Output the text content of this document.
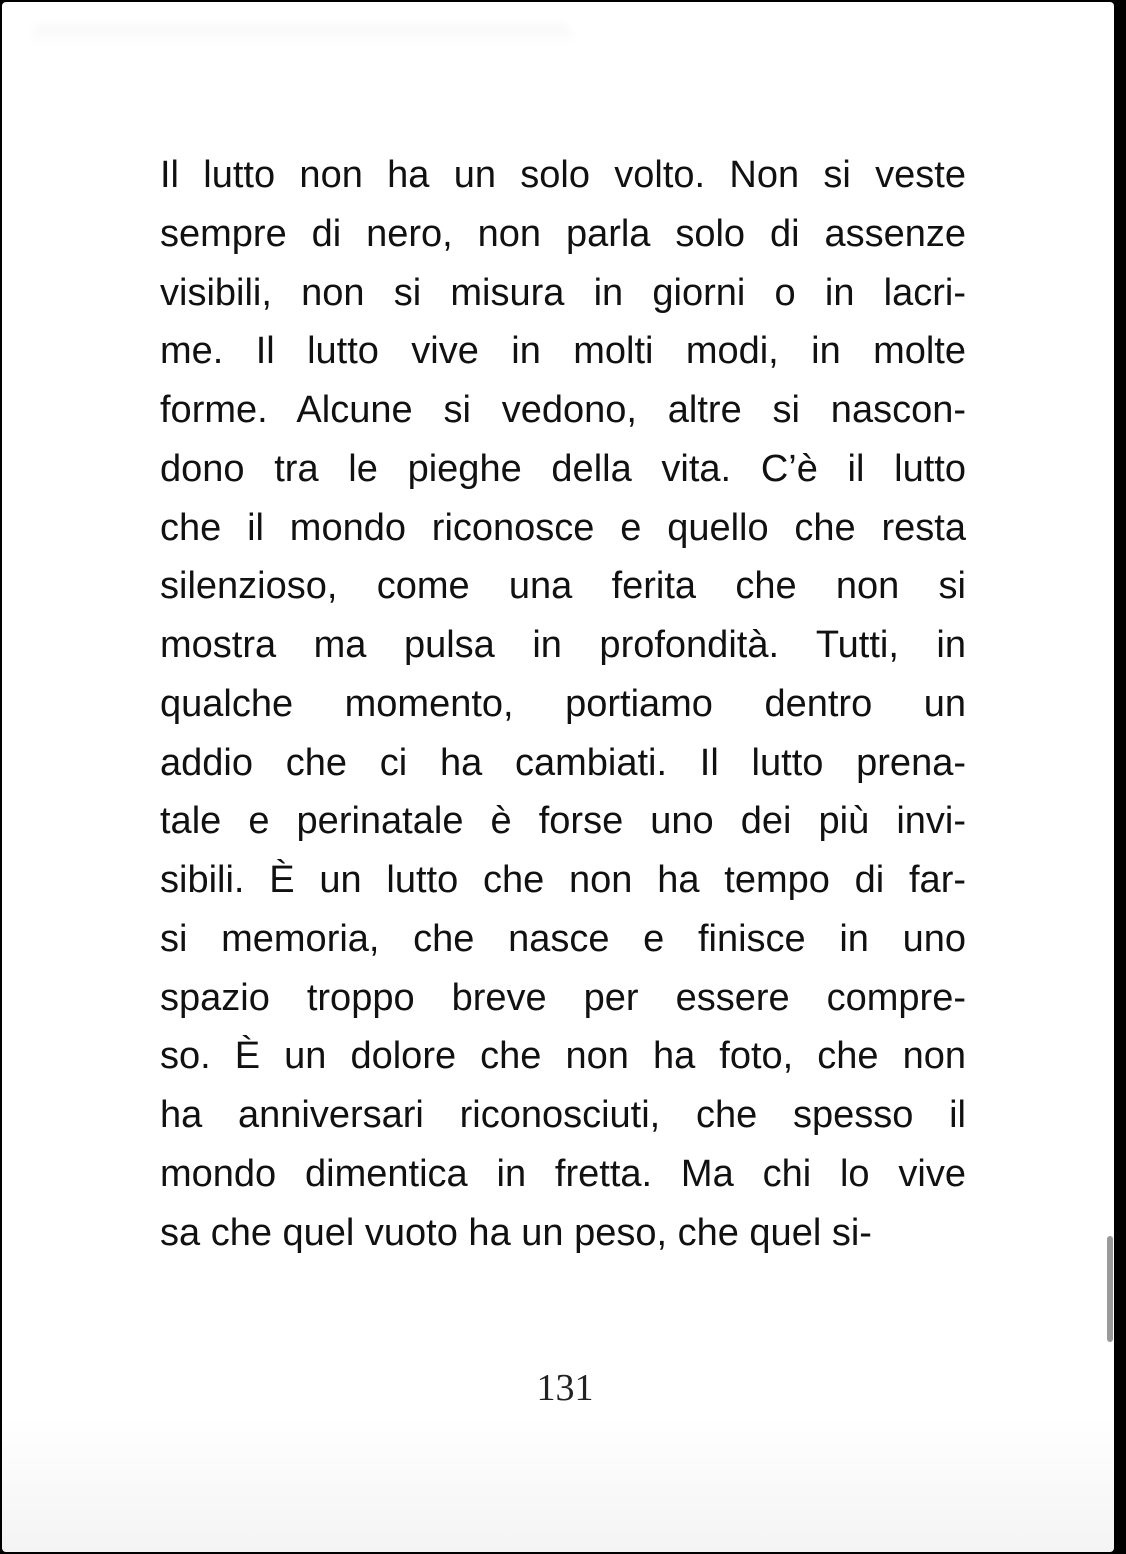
Il lutto non ha un solo volto. Non si veste
sempre di nero, non parla solo di assenze
visibili, non si misura in giorni o in lacri-
me. Il lutto vive in molti modi, in molte
forme. Alcune si vedono, altre si nascon-
dono tra le pieghe della vita. C’è il lutto
che il mondo riconosce e quello che resta
silenzioso, come una ferita che non si
mostra ma pulsa in profondità. Tutti, in
qualche momento, portiamo dentro un
addio che ci ha cambiati. Il lutto prena-
tale e perinatale è forse uno dei più invi-
sibili. È un lutto che non ha tempo di far-
si memoria, che nasce e finisce in uno
spazio troppo breve per essere compre-
so. È un dolore che non ha foto, che non
ha anniversari riconosciuti, che spesso il
mondo dimentica in fretta. Ma chi lo vive
sa che quel vuoto ha un peso, che quel si-
131
